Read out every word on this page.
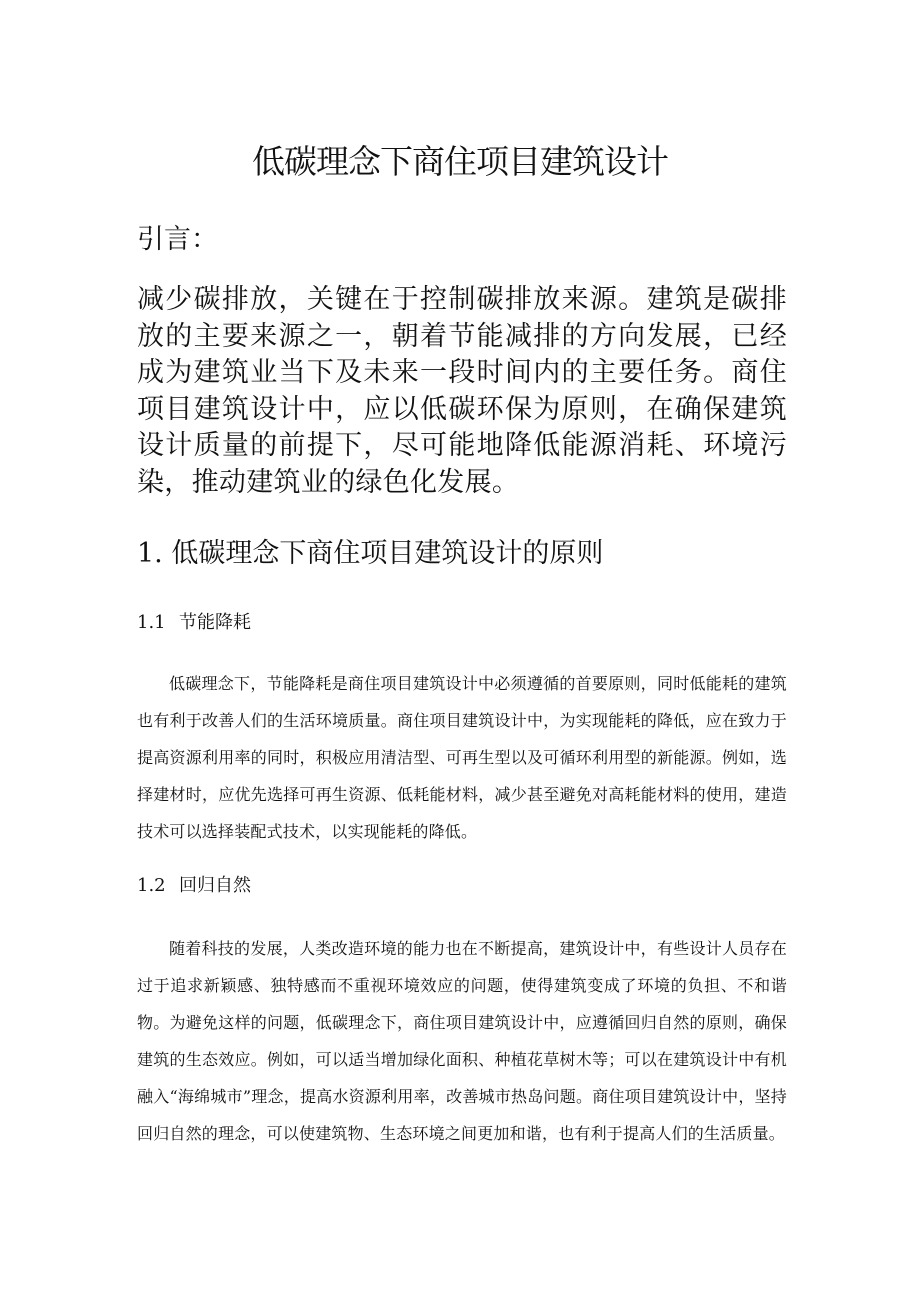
低碳理念下商住项目建筑设计

引言：

减少碳排放，关键在于控制碳排放来源。建筑是碳排放的主要来源之一，朝着节能减排的方向发展，已经成为建筑业当下及未来一段时间内的主要任务。商住项目建筑设计中，应以低碳环保为原则，在确保建筑设计质量的前提下，尽可能地降低能源消耗、环境污染，推动建筑业的绿色化发展。

1. 低碳理念下商住项目建筑设计的原则
1.1 节能降耗

低碳理念下，节能降耗是商住项目建筑设计中必须遵循的首要原则，同时低能耗的建筑也有利于改善人们的生活环境质量。商住项目建筑设计中，为实现能耗的降低，应在致力于提高资源利用率的同时，积极应用清洁型、可再生型以及可循环利用型的新能源。例如，选择建材时，应优先选择可再生资源、低耗能材料，减少甚至避免对高耗能材料的使用，建造技术可以选择装配式技术，以实现能耗的降低。

1.2 回归自然

随着科技的发展，人类改造环境的能力也在不断提高，建筑设计中，有些设计人员存在过于追求新颖感、独特感而不重视环境效应的问题，使得建筑变成了环境的负担、不和谐物。为避免这样的问题，低碳理念下，商住项目建筑设计中，应遵循回归自然的原则，确保建筑的生态效应。例如，可以适当增加绿化面积、种植花草树木等；可以在建筑设计中有机融入“海绵城市”理念，提高水资源利用率，改善城市热岛问题。商住项目建筑设计中，坚持回归自然的理念，可以使建筑物、生态环境之间更加和谐，也有利于提高人们的生活质量。
